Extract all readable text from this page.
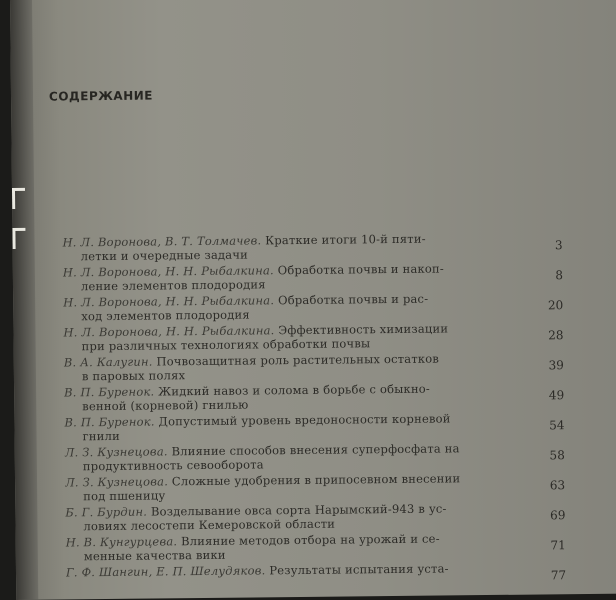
СОДЕРЖАНИЕ
Н. Л. Воронова, В. Т. Толмачев. Краткие итоги 10-й пяти-
летки и очередные задачи
3
Н. Л. Воронова, Н. Н. Рыбалкина. Обработка почвы и накоп-
ление элементов плодородия
8
Н. Л. Воронова, Н. Н. Рыбалкина. Обработка почвы и рас-
ход элементов плодородия
20
Н. Л. Воронова, Н. Н. Рыбалкина. Эффективность химизации
при различных технологиях обработки почвы
28
В. А. Калугин. Почвозащитная роль растительных остатков
в паровых полях
39
В. П. Буренок. Жидкий навоз и солома в борьбе с обыкно-
венной (корневой) гнилью
49
В. П. Буренок. Допустимый уровень вредоносности корневой
гнили
54
Л. З. Кузнецова. Влияние способов внесения суперфосфата на
продуктивность севооборота
58
Л. З. Кузнецова. Сложные удобрения в припосевном внесении
под пшеницу
63
Б. Г. Бурдин. Возделывание овса сорта Нарымский-943 в ус-
ловиях лесостепи Кемеровской области
69
Н. В. Кунгурцева. Влияние методов отбора на урожай и се-
менные качества вики
71
Г. Ф. Шангин, Е. П. Шелудяков. Результаты испытания уста-	77
